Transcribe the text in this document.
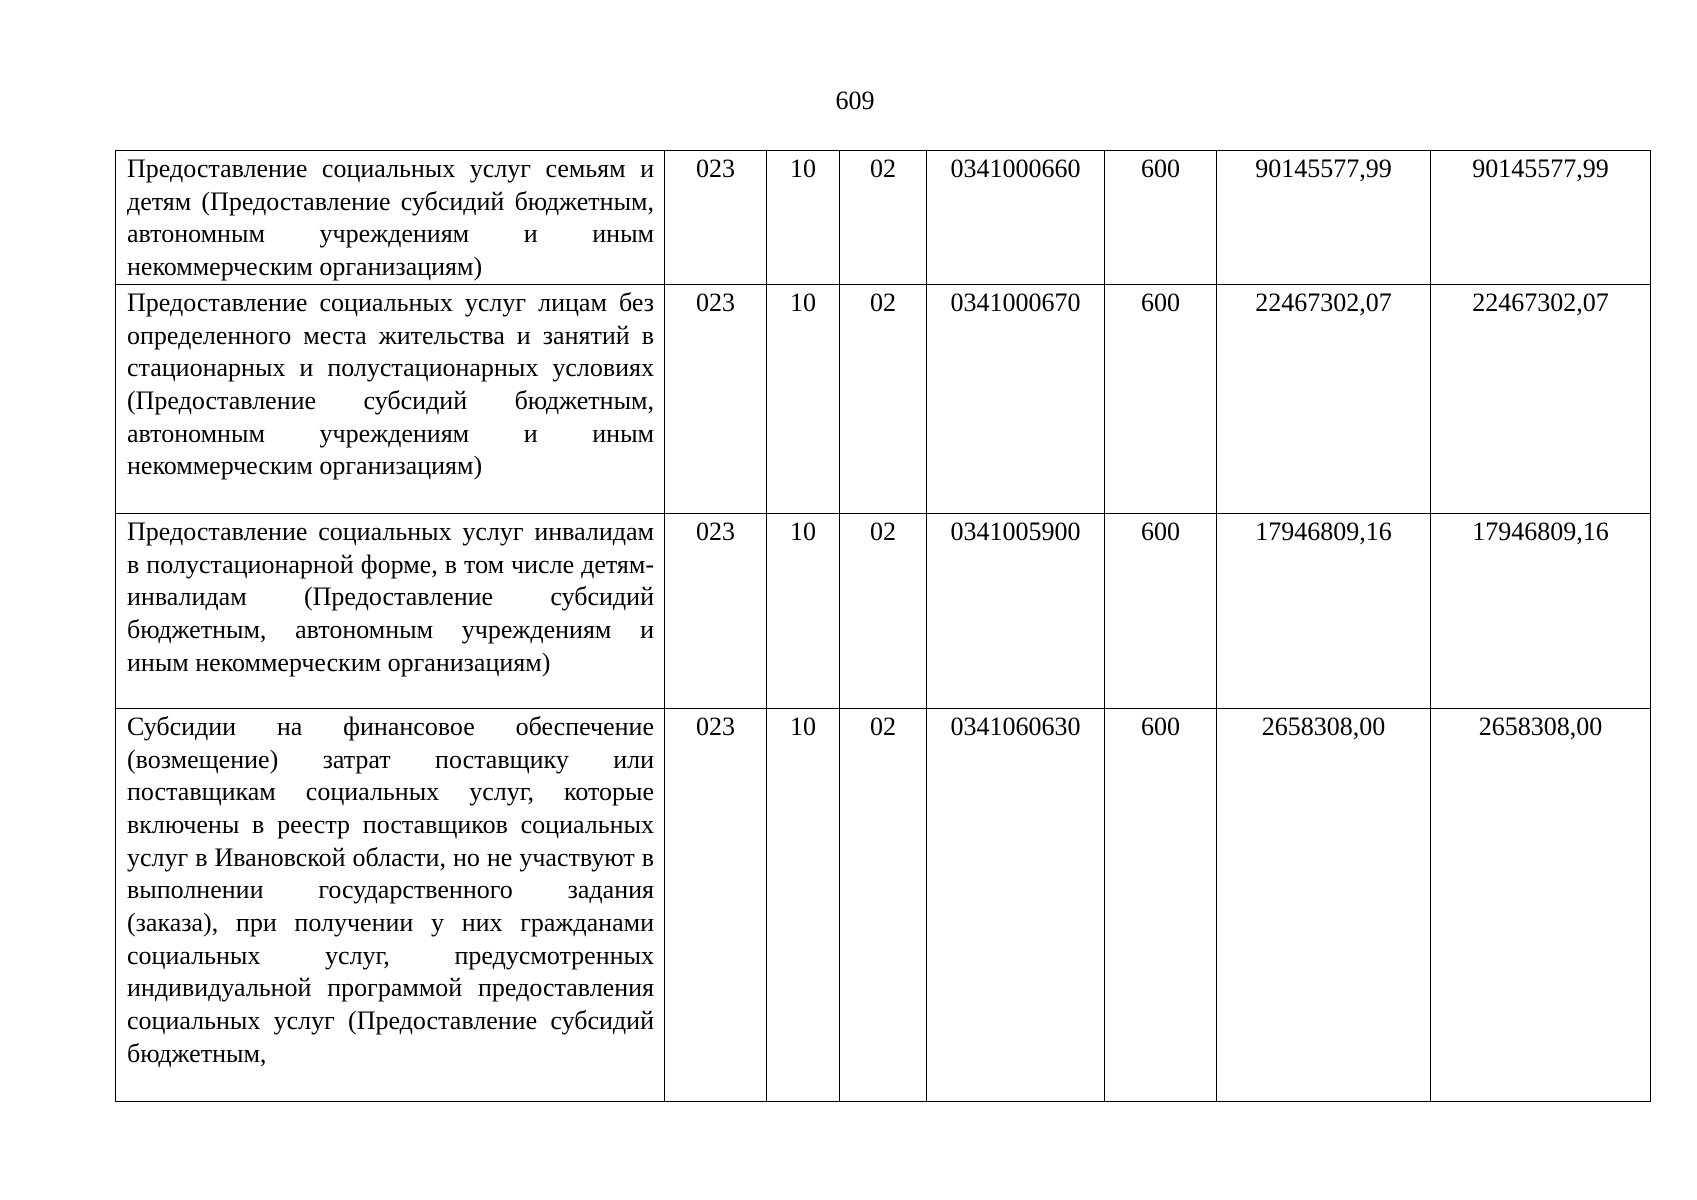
609
Предоставление социальных услуг семьям и детям (Предоставление субсидий бюджетным, автономным учреждениям и иным некоммерческим организациям)	023	10	02	0341000660	600	90145577,99	90145577,99
Предоставление социальных услуг лицам без определенного места жительства и занятий в стационарных и полустационарных условиях (Предоставление субсидий бюджетным, автономным учреждениям и иным некоммерческим организациям)	023	10	02	0341000670	600	22467302,07	22467302,07
Предоставление социальных услуг инвалидам в полустационарной форме, в том числе детям-инвалидам (Предоставление субсидий бюджетным, автономным учреждениям и иным некоммерческим организациям)	023	10	02	0341005900	600	17946809,16	17946809,16
Субсидии на финансовое обеспечение (возмещение) затрат поставщику или поставщикам социальных услуг, которые включены в реестр поставщиков социальных услуг в Ивановской области, но не участвуют в выполнении государственного задания (заказа), при получении у них гражданами социальных услуг, предусмотренных индивидуальной программой предоставления социальных услуг (Предоставление субсидий бюджетным,	023	10	02	0341060630	600	2658308,00	2658308,00
